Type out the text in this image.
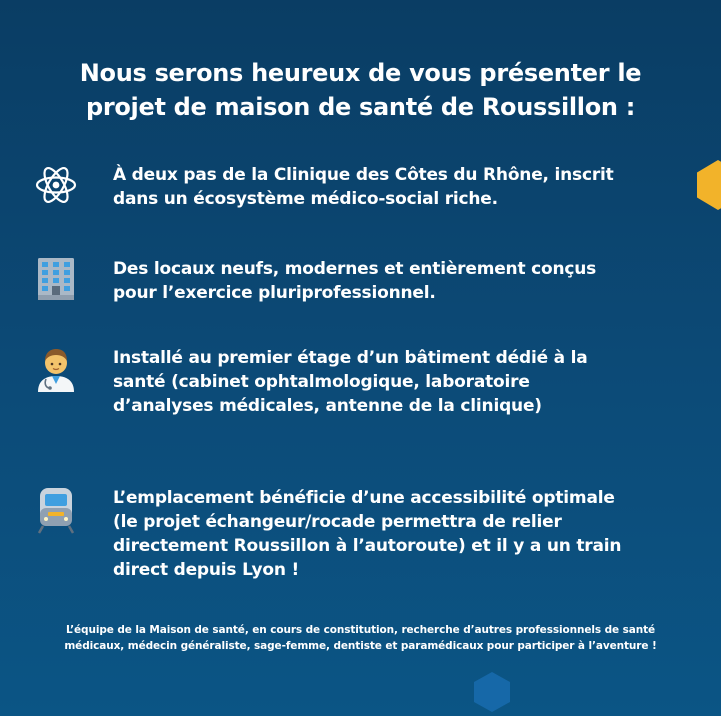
Nous serons heureux de vous présenter le
projet de maison de santé de Roussillon :
À deux pas de la Clinique des Côtes du Rhône, inscrit
dans un écosystème médico-social riche.
Des locaux neufs, modernes et entièrement conçus
pour l’exercice pluriprofessionnel.
Installé au premier étage d’un bâtiment dédié à la
santé (cabinet ophtalmologique, laboratoire
d’analyses médicales, antenne de la clinique)
L’emplacement bénéficie d’une accessibilité optimale
(le projet échangeur/rocade permettra de relier
directement Roussillon à l’autoroute) et il y a un train
direct depuis Lyon !
L’équipe de la Maison de santé, en cours de constitution, recherche d’autres professionnels de santé
médicaux, médecin généraliste, sage-femme, dentiste et paramédicaux pour participer à l’aventure !
